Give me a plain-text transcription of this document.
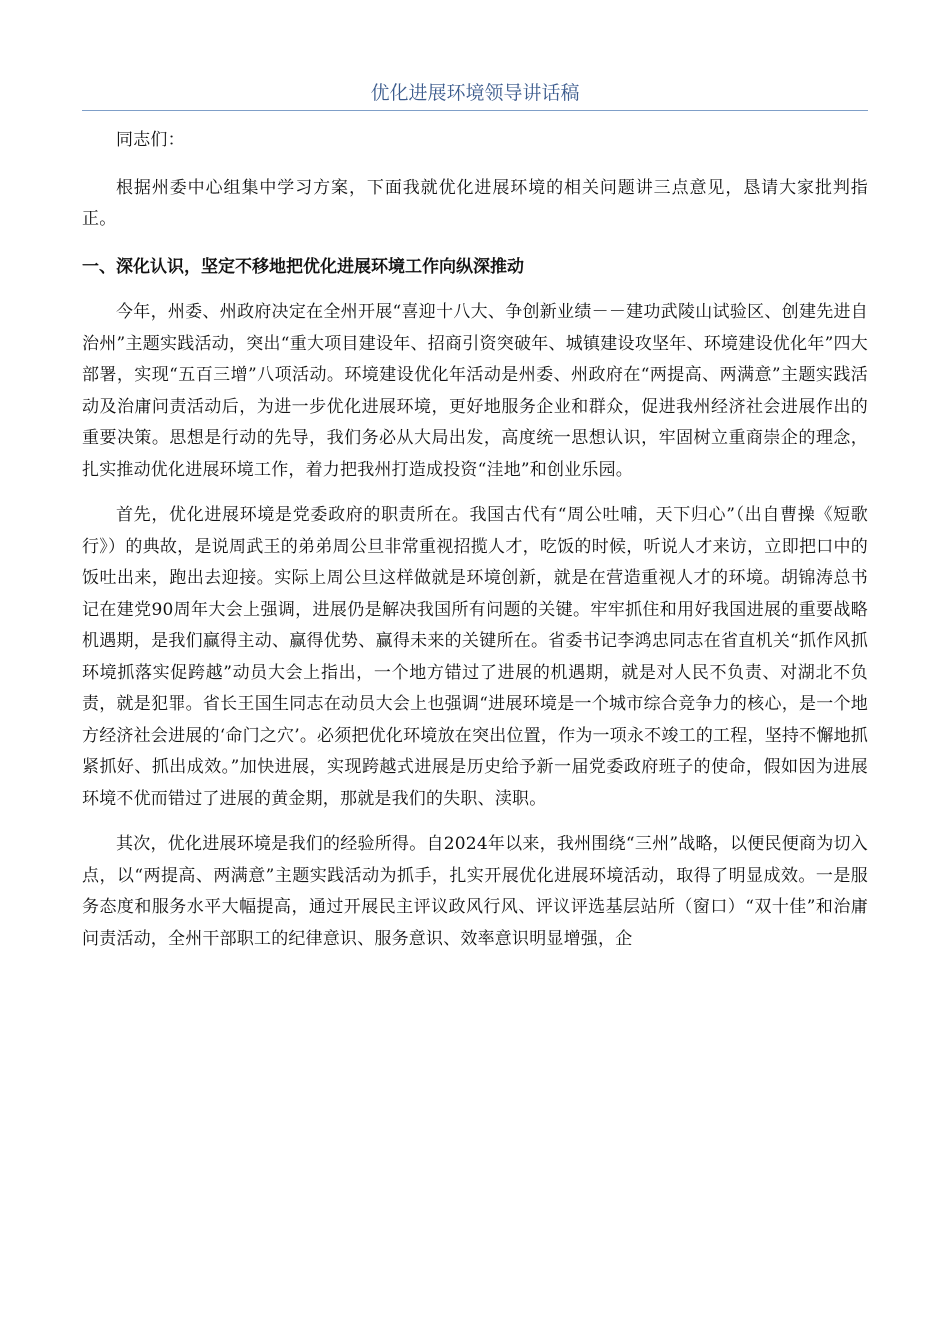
优化进展环境领导讲话稿

同志们：

根据州委中心组集中学习方案，下面我就优化进展环境的相关问题讲三点意见，恳请大家批判指正。

一、深化认识，坚定不移地把优化进展环境工作向纵深推动

今年，州委、州政府决定在全州开展“喜迎十八大、争创新业绩－－建功武陵山试验区、创建先进自治州”主题实践活动，突出“重大项目建设年、招商引资突破年、城镇建设攻坚年、环境建设优化年”四大部署，实现“五百三增”八项活动。环境建设优化年活动是州委、州政府在“两提高、两满意”主题实践活动及治庸问责活动后，为进一步优化进展环境，更好地服务企业和群众，促进我州经济社会进展作出的重要决策。思想是行动的先导，我们务必从大局出发，高度统一思想认识，牢固树立重商崇企的理念，扎实推动优化进展环境工作，着力把我州打造成投资“洼地”和创业乐园。

首先，优化进展环境是党委政府的职责所在。我国古代有“周公吐哺，天下归心”（出自曹操《短歌行》）的典故，是说周武王的弟弟周公旦非常重视招揽人才，吃饭的时候，听说人才来访，立即把口中的饭吐出来，跑出去迎接。实际上周公旦这样做就是环境创新，就是在营造重视人才的环境。胡锦涛总书记在建党90周年大会上强调，进展仍是解决我国所有问题的关键。牢牢抓住和用好我国进展的重要战略机遇期，是我们赢得主动、赢得优势、赢得未来的关键所在。省委书记李鸿忠同志在省直机关“抓作风抓环境抓落实促跨越”动员大会上指出，一个地方错过了进展的机遇期，就是对人民不负责、对湖北不负责，就是犯罪。省长王国生同志在动员大会上也强调“进展环境是一个城市综合竞争力的核心，是一个地方经济社会进展的‘命门之穴’。必须把优化环境放在突出位置，作为一项永不竣工的工程，坚持不懈地抓紧抓好、抓出成效。”加快进展，实现跨越式进展是历史给予新一届党委政府班子的使命，假如因为进展环境不优而错过了进展的黄金期，那就是我们的失职、渎职。

其次，优化进展环境是我们的经验所得。自2024年以来，我州围绕“三州”战略，以便民便商为切入点，以“两提高、两满意”主题实践活动为抓手，扎实开展优化进展环境活动，取得了明显成效。一是服务态度和服务水平大幅提高，通过开展民主评议政风行风、评议评选基层站所（窗口）“双十佳”和治庸问责活动，全州干部职工的纪律意识、服务意识、效率意识明显增强，企
